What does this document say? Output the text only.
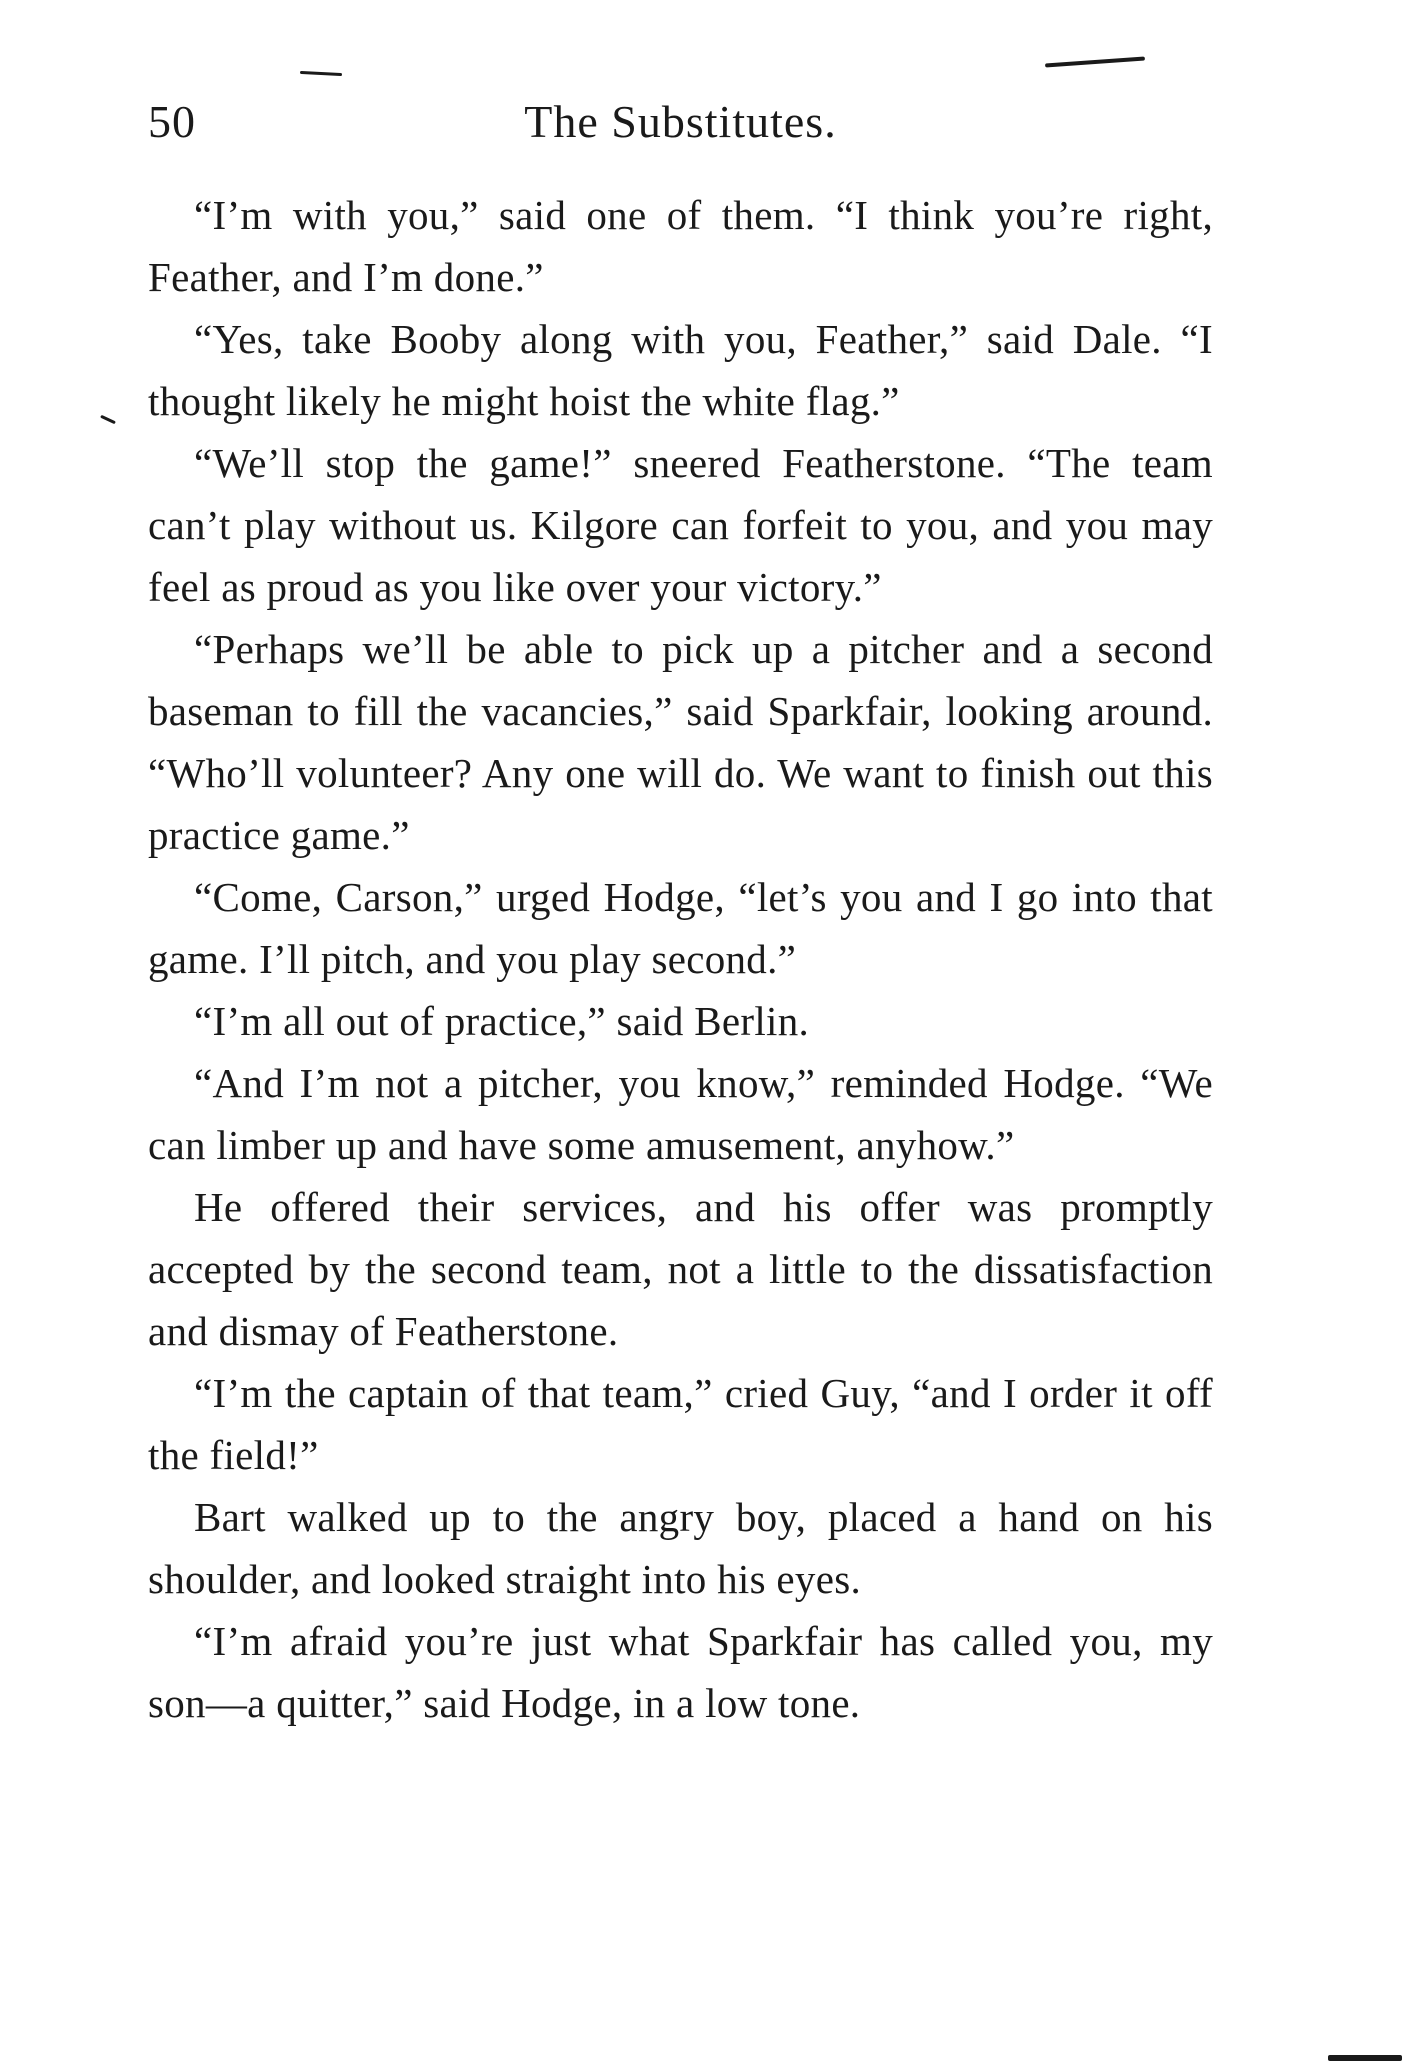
50	The Substitutes.

“I’m with you,” said one of them. “I think you’re right, Feather, and I’m done.”

“Yes, take Booby along with you, Feather,” said Dale. “I thought likely he might hoist the white flag.”

“We’ll stop the game!” sneered Featherstone. “The team can’t play without us. Kilgore can forfeit to you, and you may feel as proud as you like over your victory.”

“Perhaps we’ll be able to pick up a pitcher and a second baseman to fill the vacancies,” said Sparkfair, looking around. “Who’ll volunteer? Any one will do. We want to finish out this practice game.”

“Come, Carson,” urged Hodge, “let’s you and I go into that game. I’ll pitch, and you play second.”

“I’m all out of practice,” said Berlin.

“And I’m not a pitcher, you know,” reminded Hodge. “We can limber up and have some amusement, anyhow.”

He offered their services, and his offer was promptly accepted by the second team, not a little to the dissatisfaction and dismay of Featherstone.

“I’m the captain of that team,” cried Guy, “and I order it off the field!”

Bart walked up to the angry boy, placed a hand on his shoulder, and looked straight into his eyes.

“I’m afraid you’re just what Sparkfair has called you, my son—a quitter,” said Hodge, in a low tone.
